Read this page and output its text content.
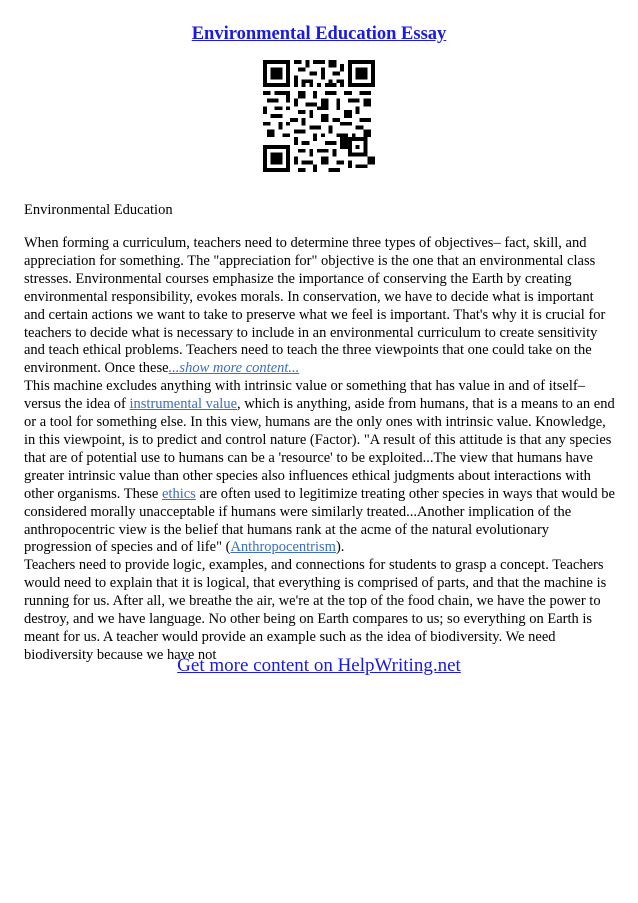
Environmental Education Essay
Environmental Education

When forming a curriculum, teachers need to determine three types of objectives– fact, skill, and appreciation for something. The "appreciation for" objective is the one that an environmental class stresses. Environmental courses emphasize the importance of conserving the Earth by creating environmental responsibility, evokes morals. In conservation, we have to decide what is important and certain actions we want to take to preserve what we feel is important. That's why it is crucial for teachers to decide what is necessary to include in an environmental curriculum to create sensitivity and teach ethical problems. Teachers need to teach the three viewpoints that one could take on the environment. Once these...show more content...

This machine excludes anything with intrinsic value or something that has value in and of itself–versus the idea of instrumental value, which is anything, aside from humans, that is a means to an end or a tool for something else. In this view, humans are the only ones with intrinsic value. Knowledge, in this viewpoint, is to predict and control nature (Factor). "A result of this attitude is that any species that are of potential use to humans can be a 'resource' to be exploited...The view that humans have greater intrinsic value than other species also influences ethical judgments about interactions with other organisms. These ethics are often used to legitimize treating other species in ways that would be considered morally unacceptable if humans were similarly treated...Another implication of the anthropocentric view is the belief that humans rank at the acme of the natural evolutionary progression of species and of life" (Anthropocentrism).

Teachers need to provide logic, examples, and connections for students to grasp a concept. Teachers would need to explain that it is logical, that everything is comprised of parts, and that the machine is running for us. After all, we breathe the air, we're at the top of the food chain, we have the power to destroy, and we have language. No other being on Earth compares to us; so everything on Earth is meant for us. A teacher would provide an example such as the idea of biodiversity. We need biodiversity because we have not

Get more content on HelpWriting.net
